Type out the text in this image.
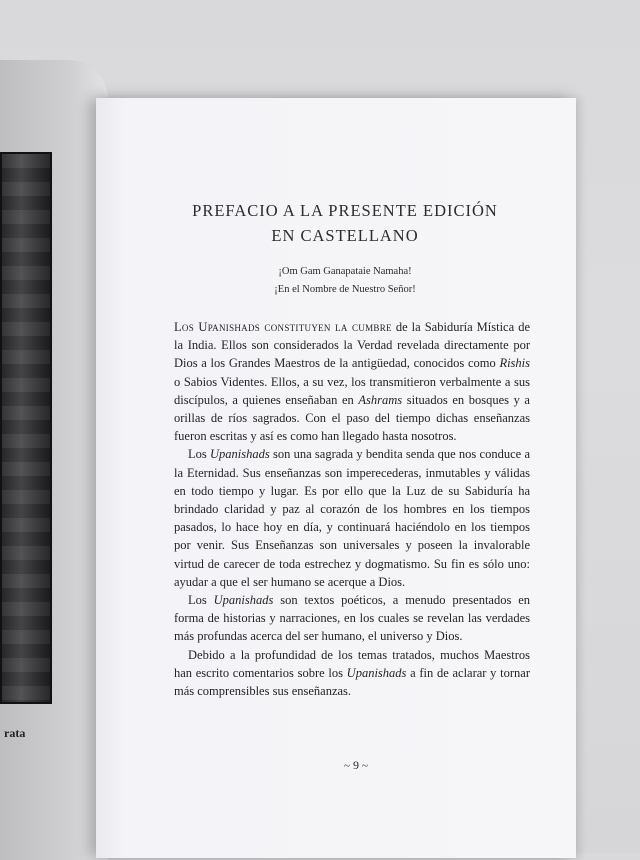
rata
PREFACIO A LA PRESENTE EDICIÓN
EN CASTELLANO
¡Om Gam Ganapataie Namaha!
¡En el Nombre de Nuestro Señor!

Los Upanishads constituyen la cumbre de la Sabiduría Mística de la India. Ellos son considerados la Verdad revelada directamente por Dios a los Grandes Maestros de la antigüedad, conocidos como Rishis o Sabios Videntes. Ellos, a su vez, los transmitieron verbalmente a sus discípulos, a quienes enseñaban en Ashrams situados en bosques y a orillas de ríos sagrados. Con el paso del tiempo dichas enseñanzas fueron escritas y así es como han llegado hasta nosotros.

Los Upanishads son una sagrada y bendita senda que nos conduce a la Eternidad. Sus enseñanzas son imperecederas, inmutables y válidas en todo tiempo y lugar. Es por ello que la Luz de su Sabiduría ha brindado claridad y paz al corazón de los hombres en los tiempos pasados, lo hace hoy en día, y continuará haciéndolo en los tiempos por venir. Sus Enseñanzas son universales y poseen la invalorable virtud de carecer de toda estrechez y dogmatismo. Su fin es sólo uno: ayudar a que el ser humano se acerque a Dios.

Los Upanishads son textos poéticos, a menudo presentados en forma de historias y narraciones, en los cuales se revelan las verdades más profundas acerca del ser humano, el universo y Dios.

Debido a la profundidad de los temas tratados, muchos Maestros han escrito comentarios sobre los Upanishads a fin de aclarar y tornar más comprensibles sus enseñanzas.

~ 9 ~
